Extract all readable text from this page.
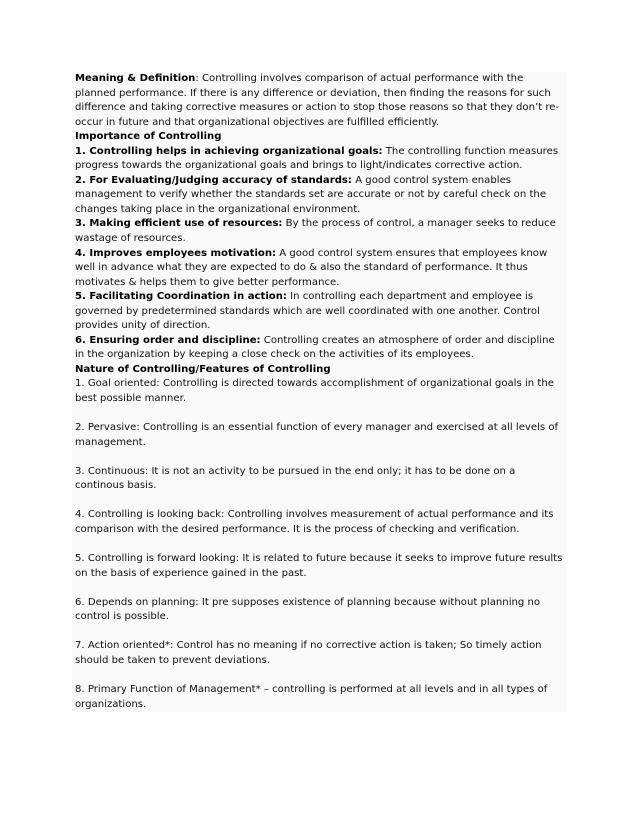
Meaning & Definition: Controlling involves comparison of actual performance with the planned performance. If there is any difference or deviation, then finding the reasons for such difference and taking corrective measures or action to stop those reasons so that they don’t re-occur in future and that organizational objectives are fulfilled efficiently.

Importance of Controlling

1. Controlling helps in achieving organizational goals: The controlling function measures progress towards the organizational goals and brings to light/indicates corrective action.

2. For Evaluating/Judging accuracy of standards: A good control system enables management to verify whether the standards set are accurate or not by careful check on the changes taking place in the organizational environment.

3. Making efficient use of resources: By the process of control, a manager seeks to reduce wastage of resources.

4. Improves employees motivation: A good control system ensures that employees know well in advance what they are expected to do & also the standard of performance. It thus motivates & helps them to give better performance.

5. Facilitating Coordination in action: In controlling each department and employee is governed by predetermined standards which are well coordinated with one another. Control provides unity of direction.

6. Ensuring order and discipline: Controlling creates an atmosphere of order and discipline in the organization by keeping a close check on the activities of its employees.

Nature of Controlling/Features of Controlling

1. Goal oriented: Controlling is directed towards accomplishment of organizational goals in the best possible manner.

2. Pervasive: Controlling is an essential function of every manager and exercised at all levels of management.

3. Continuous: It is not an activity to be pursued in the end only; it has to be done on a continous basis.

4. Controlling is looking back: Controlling involves measurement of actual performance and its comparison with the desired performance. It is the process of checking and verification.

5. Controlling is forward looking: It is related to future because it seeks to improve future results on the basis of experience gained in the past.

6. Depends on planning: It pre supposes existence of planning because without planning no control is possible.

7. Action oriented*: Control has no meaning if no corrective action is taken; So timely action should be taken to prevent deviations.

8. Primary Function of Management* – controlling is performed at all levels and in all types of organizations.
